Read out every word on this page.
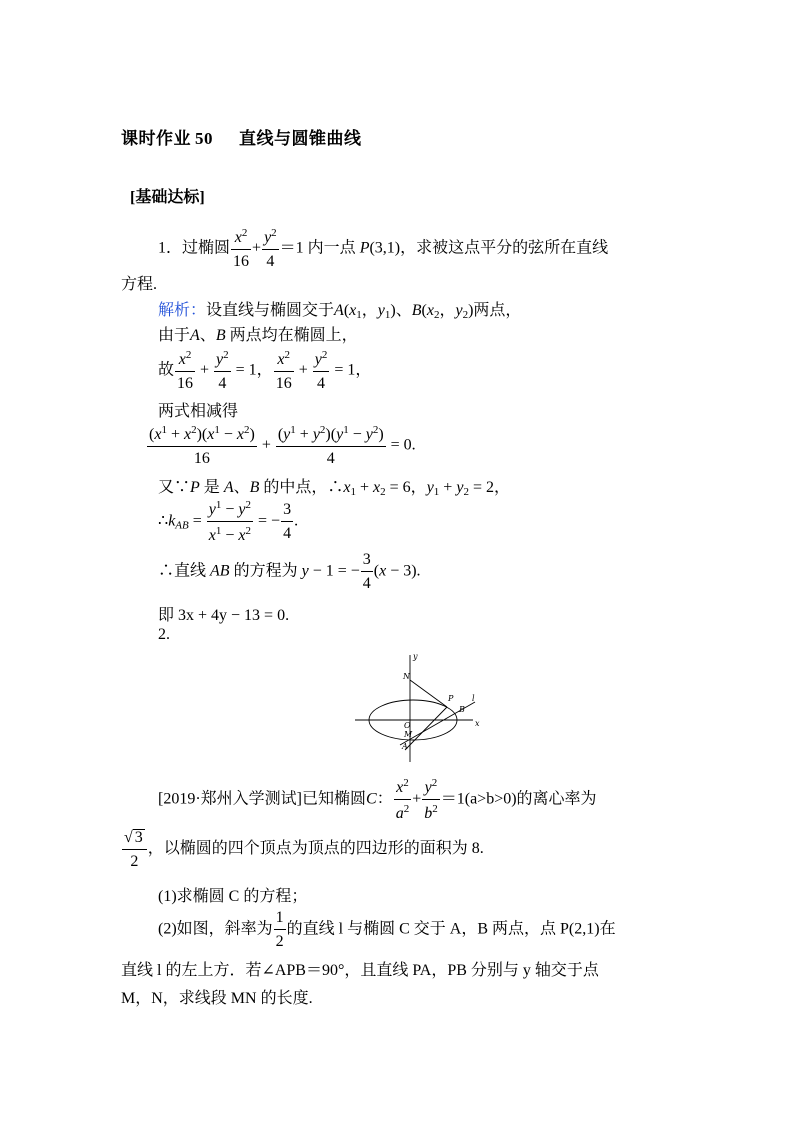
课时作业 50 直线与圆锥曲线
[基础达标]
1．过椭圆 $\frac{x^2}{16} + \frac{y^2}{4} =1$ 内一点 P(3,1)，求被这点平分的弦所在直线
方程.
解析：设直线与椭圆交于$A(x_1$，$y_1$)、$B(x_2$，$y_2$)两点，
由于A、B 两点均在椭圆上，
故 $\frac{x^2}{16} + \frac{y^2}{4} = 1$， $\frac{x^2}{16} + \frac{y^2}{4} = 1$，
两式相减得
$\frac{(x^1 + x^2)(x^1 - x^2)}{16} + \frac{(y^1 + y^2)(y^1 - y^2)}{4} = 0$.
又∵P 是 A、B 的中点，$\therefore x_1 + x_2 = 6$，$y_1 + y_2 = 2$，
$\therefore k_{AB} = \frac{y^1 - y^2}{x^1 - x^2}$ = − $\frac{3}{4}$ .
∴直线 AB 的方程为 y − 1 = − $\frac{3}{4} (x - 3)$.
即 3x + 4y − 13 = 0.
2.
y
x
N
P
B
l
O
M
A
[2019·郑州入学测试]已知椭圆C： $\frac{x^2}{a^2} + \frac{y^2}{b^2} =1(a>b>0)$的离心率为
$\frac{√ 3}{2}$ ，以椭圆的四个顶点为顶点的四边形的面积为 8.
(1)求椭圆 C 的方程；
(2)如图，斜率为 $\frac{1}{2}$ 的直线 l 与椭圆 C 交于 A，B 两点，点 P(2,1)在
直线 l 的左上方．若∠APB＝90°，且直线 PA，PB 分别与 y 轴交于点
M，N，求线段 MN 的长度.
